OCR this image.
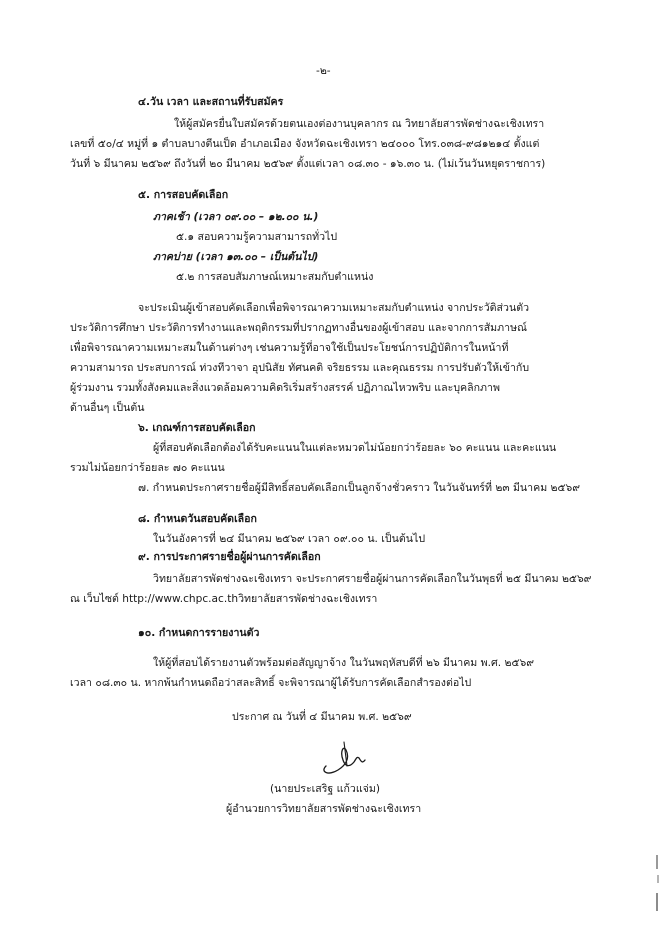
-๒-
๔.วัน เวลา และสถานที่รับสมัคร
ให้ผู้สมัครยื่นใบสมัครด้วยตนเองต่องานบุคลากร ณ วิทยาลัยสารพัดช่างฉะเชิงเทรา
เลขที่ ๕๐/๔ หมู่ที่ ๑ ตำบลบางตีนเป็ด อำเภอเมือง จังหวัดฉะเชิงเทรา ๒๔๐๐๐ โทร.๐๓๘-๙๘๑๒๑๔ ตั้งแต่
วันที่ ๖ มีนาคม ๒๕๖๙ ถึงวันที่ ๒๐ มีนาคม ๒๕๖๙ ตั้งแต่เวลา ๐๘.๓๐ - ๑๖.๓๐ น. (ไม่เว้นวันหยุดราชการ)
๕. การสอบคัดเลือก
ภาคเช้า (เวลา ๐๙.๐๐ – ๑๒.๐๐ น.)
๕.๑ สอบความรู้ความสามารถทั่วไป
ภาคบ่าย (เวลา ๑๓.๐๐ – เป็นต้นไป)
๕.๒ การสอบสัมภาษณ์เหมาะสมกับตำแหน่ง
จะประเมินผู้เข้าสอบคัดเลือกเพื่อพิจารณาความเหมาะสมกับตำแหน่ง จากประวัติส่วนตัว
ประวัติการศึกษา ประวัติการทำงานและพฤติกรรมที่ปรากฏทางอื่นของผู้เข้าสอบ และจากการสัมภาษณ์
เพื่อพิจารณาความเหมาะสมในด้านต่างๆ เช่นความรู้ที่อาจใช้เป็นประโยชน์การปฏิบัติการในหน้าที่
ความสามารถ ประสบการณ์ ท่วงทีวาจา อุปนิสัย ทัศนคติ จริยธรรม และคุณธรรม การปรับตัวให้เข้ากับ
ผู้ร่วมงาน รวมทั้งสังคมและสิ่งแวดล้อมความคิดริเริ่มสร้างสรรค์ ปฏิภาณไหวพริบ และบุคลิกภาพ
ด้านอื่นๆ เป็นต้น
๖. เกณฑ์การสอบคัดเลือก
ผู้ที่สอบคัดเลือกต้องได้รับคะแนนในแต่ละหมวดไม่น้อยกว่าร้อยละ ๖๐ คะแนน และคะแนน
รวมไม่น้อยกว่าร้อยละ ๗๐ คะแนน
๗. กำหนดประกาศรายชื่อผู้มีสิทธิ์สอบคัดเลือกเป็นลูกจ้างชั่วคราว ในวันจันทร์ที่ ๒๓ มีนาคม ๒๕๖๙
๘. กำหนดวันสอบคัดเลือก
ในวันอังคารที่ ๒๔ มีนาคม ๒๕๖๙ เวลา ๐๙.๐๐ น. เป็นต้นไป
๙. การประกาศรายชื่อผู้ผ่านการคัดเลือก
วิทยาลัยสารพัดช่างฉะเชิงเทรา จะประกาศรายชื่อผู้ผ่านการคัดเลือกในวันพุธที่ ๒๕ มีนาคม ๒๕๖๙
ณ เว็บไซต์ http://www.chpc.ac.thวิทยาลัยสารพัดช่างฉะเชิงเทรา
๑๐. กำหนดการรายงานตัว
ให้ผู้ที่สอบได้รายงานตัวพร้อมต่อสัญญาจ้าง ในวันพฤหัสบดีที่ ๒๖ มีนาคม พ.ศ. ๒๕๖๙
เวลา ๐๘.๓๐ น. หากพ้นกำหนดถือว่าสละสิทธิ์ จะพิจารณาผู้ได้รับการคัดเลือกสำรองต่อไป
ประกาศ ณ วันที่ ๔ มีนาคม พ.ศ. ๒๕๖๙
(นายประเสริฐ แก้วแจ่ม)
ผู้อำนวยการวิทยาลัยสารพัดช่างฉะเชิงเทรา
